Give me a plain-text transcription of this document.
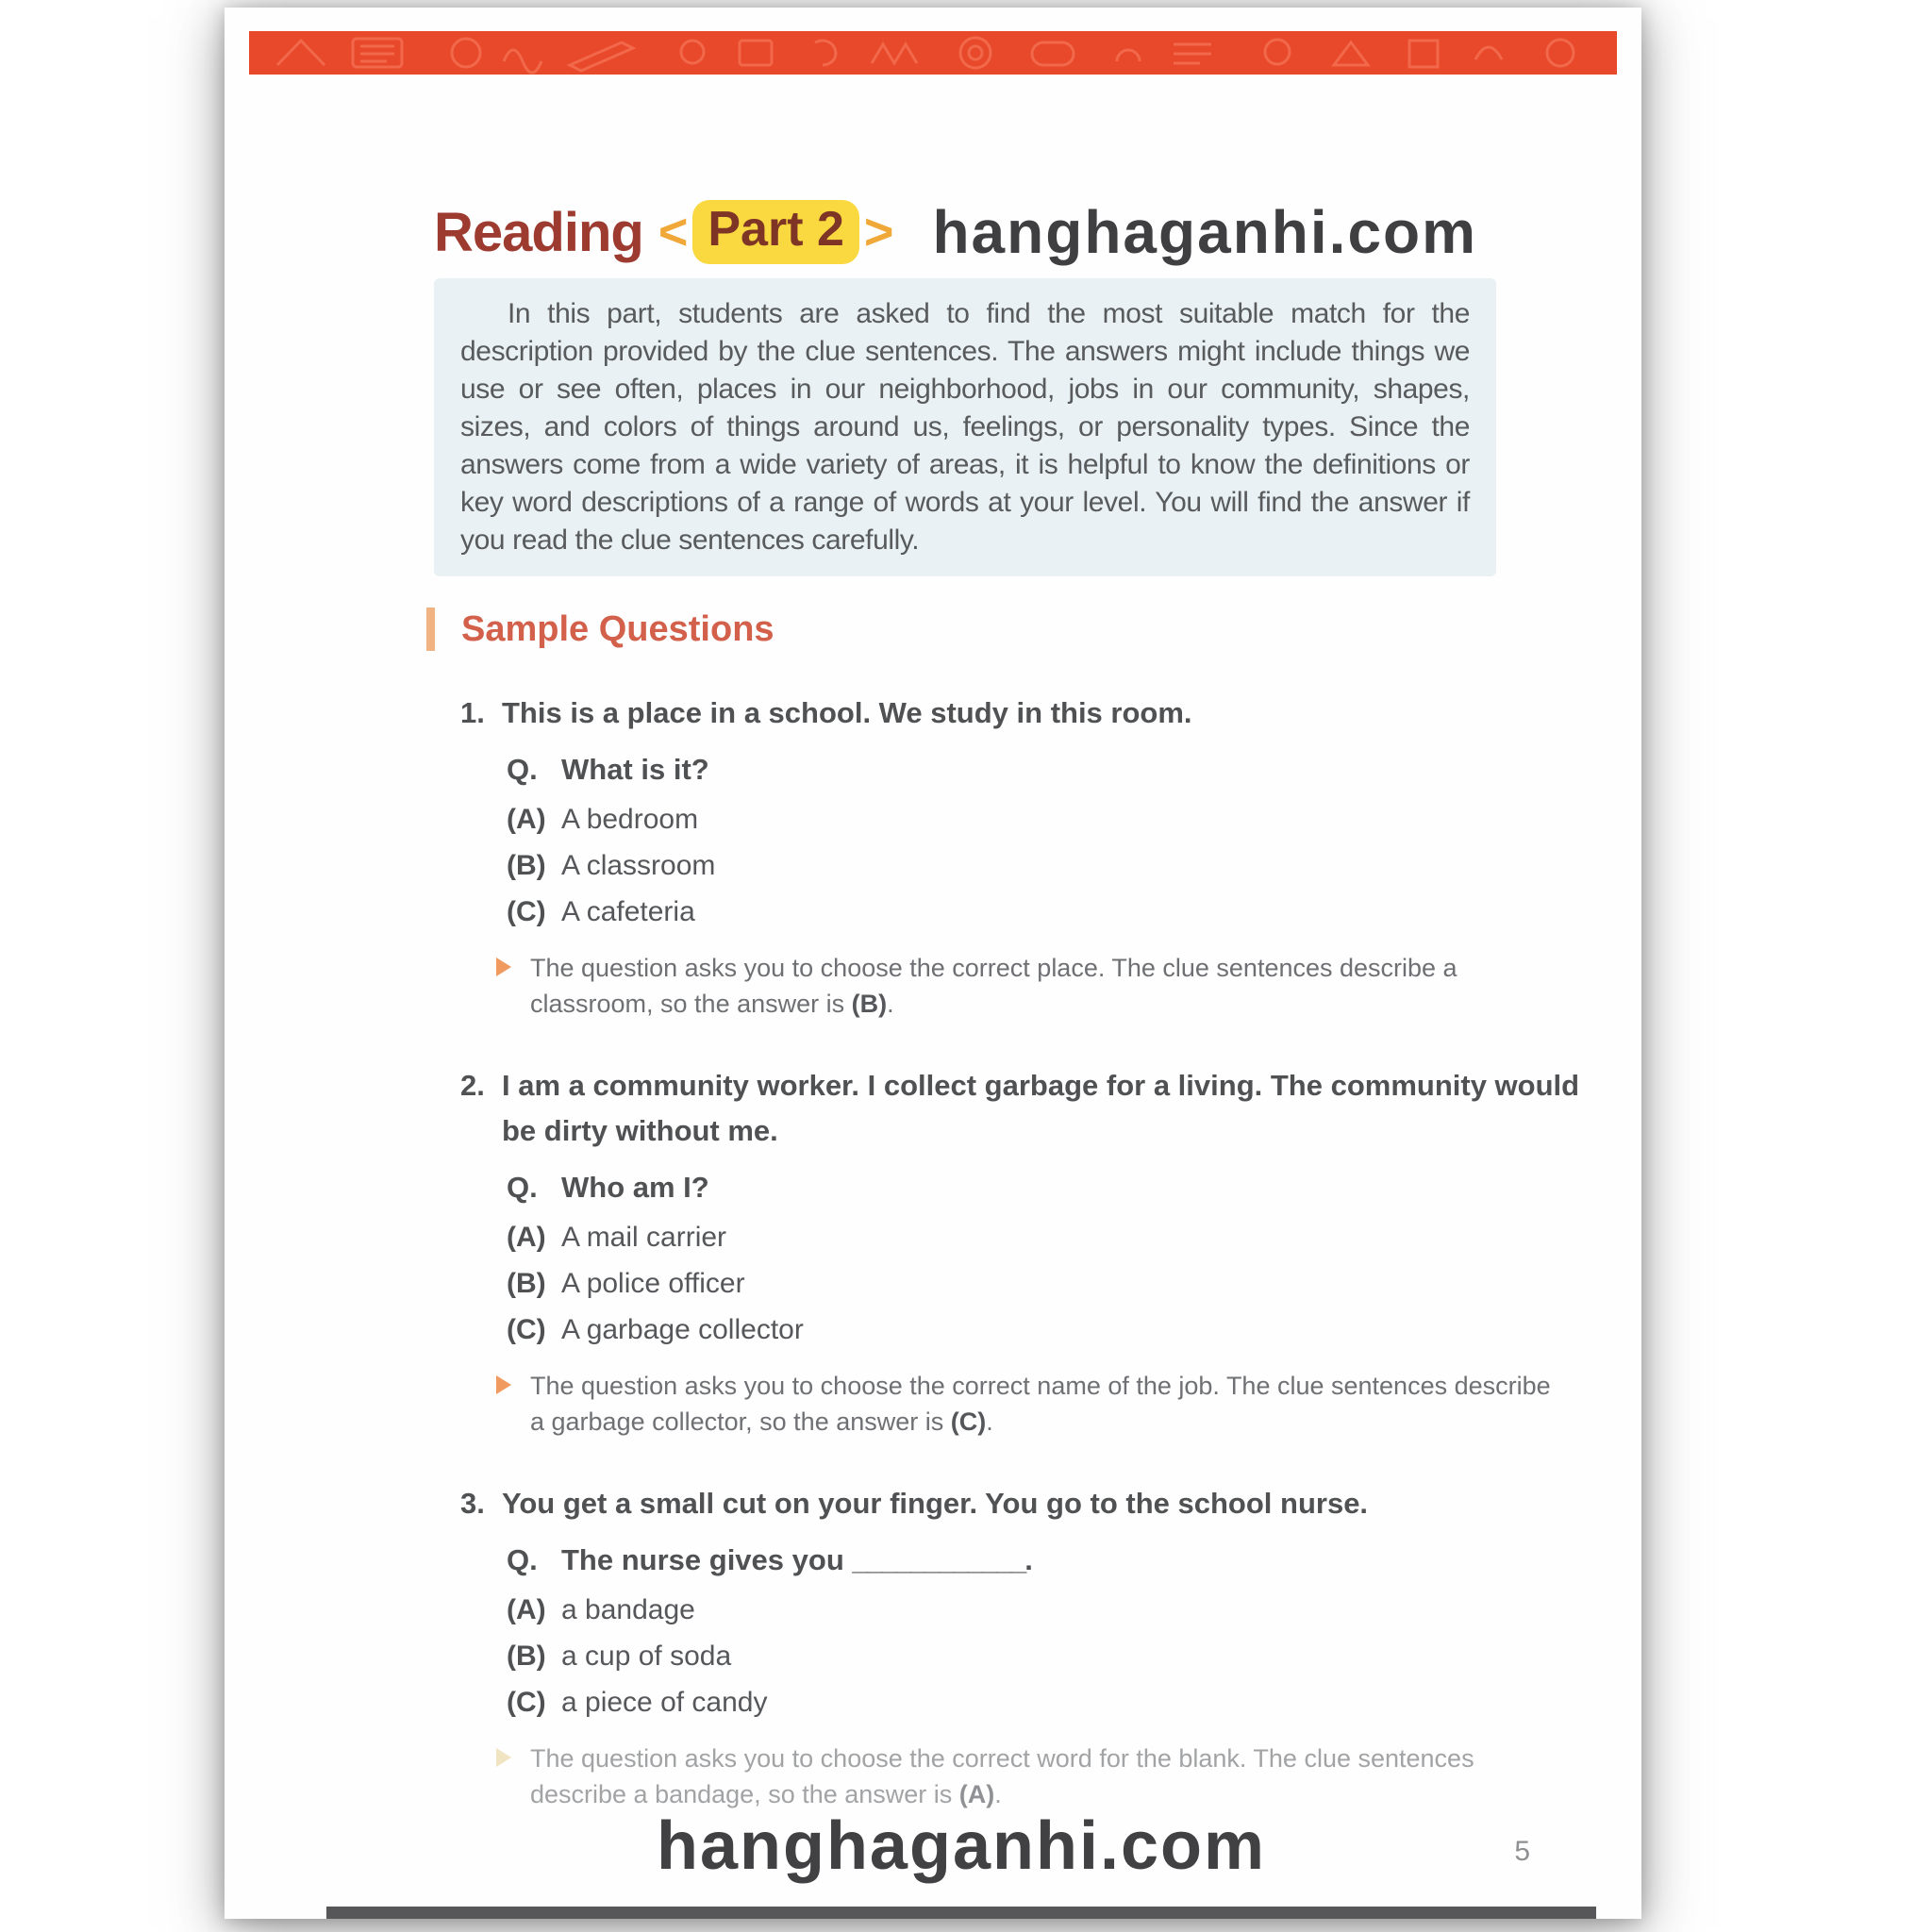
Reading < Part 2 > hanghaganhi.com
In this part, students are asked to find the most suitable match for the description provided by the clue sentences. The answers might include things we use or see often, places in our neighborhood, jobs in our community, shapes, sizes, and colors of things around us, feelings, or personality types. Since the answers come from a wide variety of areas, it is helpful to know the definitions or key word descriptions of a range of words at your level. You will find the answer if you read the clue sentences carefully.
Sample Questions
1. This is a place in a school. We study in this room.
Q. What is it?
(A) A bedroom
(B) A classroom
(C) A cafeteria

The question asks you to choose the correct place. The clue sentences describe a classroom, so the answer is (B).

2. I am a community worker. I collect garbage for a living. The community would be dirty without me.
Q. Who am I?
(A) A mail carrier
(B) A police officer
(C) A garbage collector

The question asks you to choose the correct name of the job. The clue sentences describe a garbage collector, so the answer is (C).

3. You get a small cut on your finger. You go to the school nurse.
Q. The nurse gives you ____________.
(A) a bandage
(B) a cup of soda
(C) a piece of candy

The question asks you to choose the correct word for the blank. The clue sentences describe a bandage, so the answer is (A).

hanghaganhi.com	5
